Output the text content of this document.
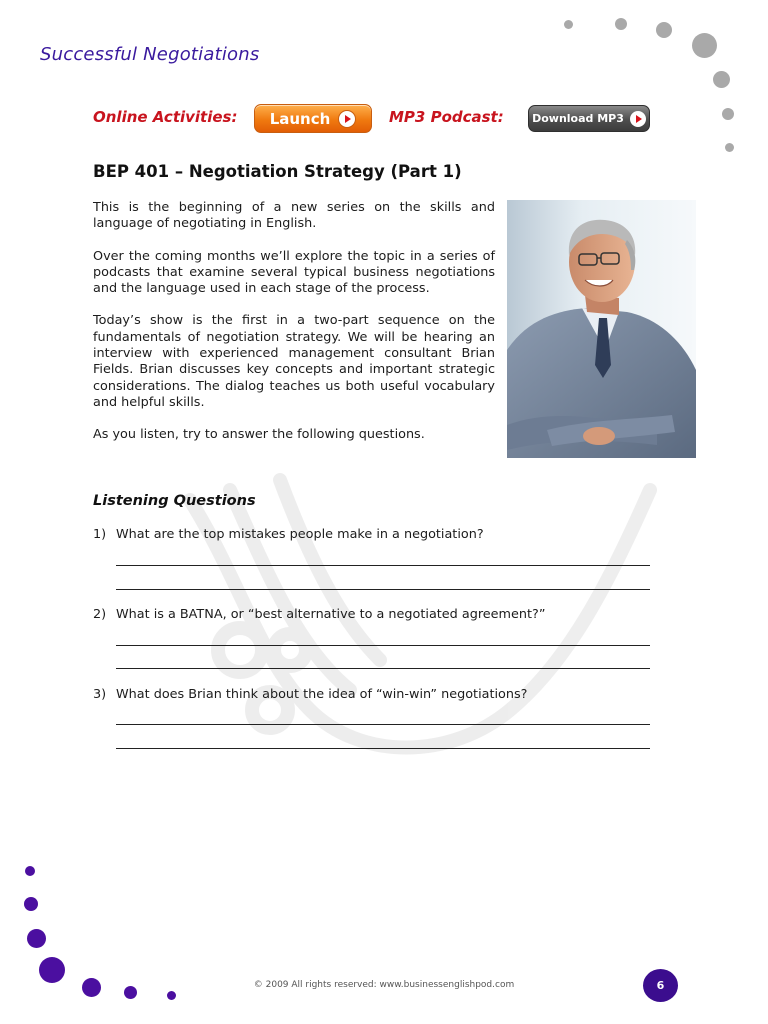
Successful Negotiations
Online Activities: Launch	MP3 Podcast:	Download MP3
BEP 401 – Negotiation Strategy (Part 1)

This is the beginning of a new series on the skills and language of negotiating in English.

Over the coming months we’ll explore the topic in a series of podcasts that examine several typical business negotiations and the language used in each stage of the process.

Today’s show is the first in a two-part sequence on the fundamentals of negotiation strategy. We will be hearing an interview with experienced management consultant Brian Fields. Brian discusses key concepts and important strategic considerations. The dialog teaches us both useful vocabulary and helpful skills.

As you listen, try to answer the following questions.

Listening Questions
1) What are the top mistakes people make in a negotiation?
2) What is a BATNA, or “best alternative to a negotiated agreement?”
3) What does Brian think about the idea of “win-win” negotiations?
© 2009 All rights reserved: www.businessenglishpod.com	6
